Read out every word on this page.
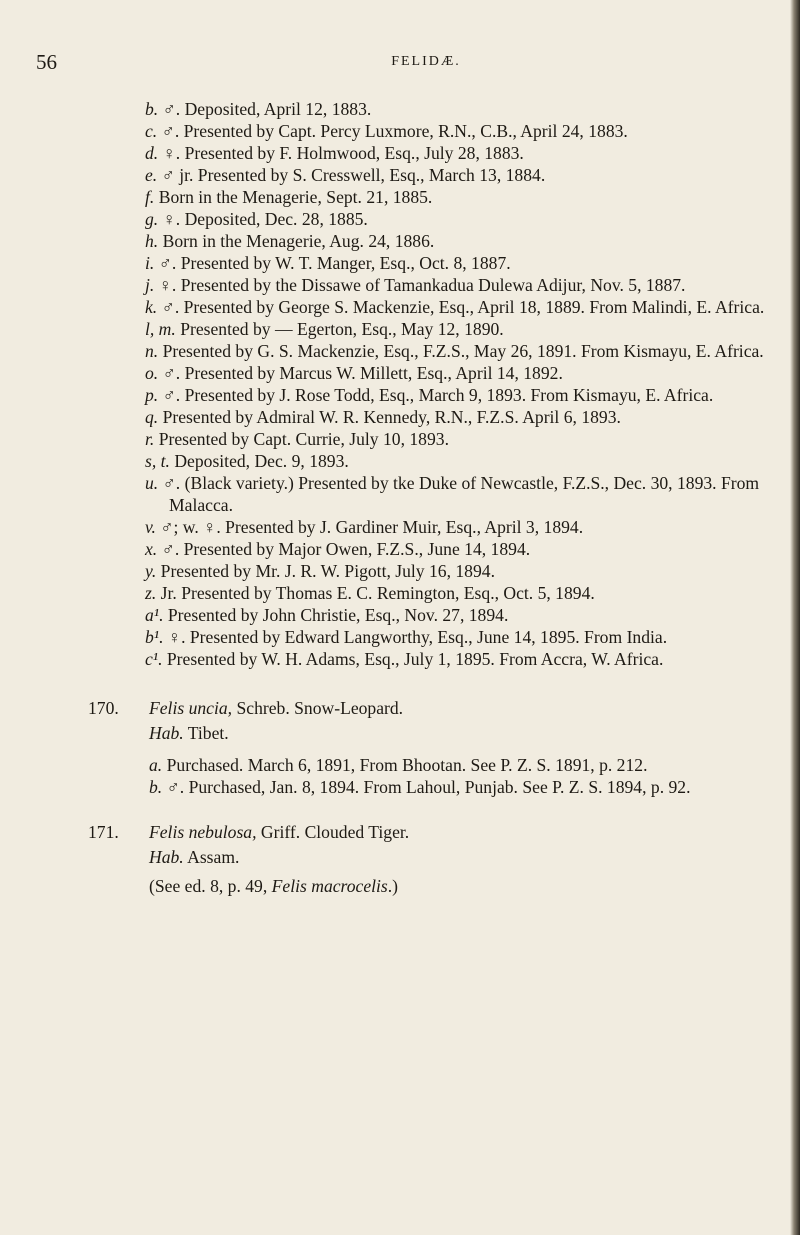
56	FELIDÆ.
b. ♂. Deposited, April 12, 1883.
c. ♂. Presented by Capt. Percy Luxmore, R.N., C.B., April 24, 1883.
d. ♀. Presented by F. Holmwood, Esq., July 28, 1883.
e. ♂ jr. Presented by S. Cresswell, Esq., March 13, 1884.
f. Born in the Menagerie, Sept. 21, 1885.
g. ♀. Deposited, Dec. 28, 1885.
h. Born in the Menagerie, Aug. 24, 1886.
i. ♂. Presented by W. T. Manger, Esq., Oct. 8, 1887.
j. ♀. Presented by the Dissawe of Tamankadua Dulewa Adijur, Nov. 5, 1887.
k. ♂. Presented by George S. Mackenzie, Esq., April 18, 1889. From Malindi, E. Africa.
l, m. Presented by — Egerton, Esq., May 12, 1890.
n. Presented by G. S. Mackenzie, Esq., F.Z.S., May 26, 1891. From Kismayu, E. Africa.
o. ♂. Presented by Marcus W. Millett, Esq., April 14, 1892.
p. ♂. Presented by J. Rose Todd, Esq., March 9, 1893. From Kismayu, E. Africa.
q. Presented by Admiral W. R. Kennedy, R.N., F.Z.S. April 6, 1893.
r. Presented by Capt. Currie, July 10, 1893.
s, t. Deposited, Dec. 9, 1893.
u. ♂. (Black variety.) Presented by tke Duke of Newcastle, F.Z.S., Dec. 30, 1893. From Malacca.
v. ♂; w. ♀. Presented by J. Gardiner Muir, Esq., April 3, 1894.
x. ♂. Presented by Major Owen, F.Z.S., June 14, 1894.
y. Presented by Mr. J. R. W. Pigott, July 16, 1894.
z. Jr. Presented by Thomas E. C. Remington, Esq., Oct. 5, 1894.
a¹. Presented by John Christie, Esq., Nov. 27, 1894.
b¹. ♀. Presented by Edward Langworthy, Esq., June 14, 1895. From India.
c¹. Presented by W. H. Adams, Esq., July 1, 1895. From Accra, W. Africa.
170. Felis uncia, Schreb. Snow-Leopard.
Hab. Tibet.
a. Purchased. March 6, 1891, From Bhootan. See P. Z. S. 1891, p. 212.
b. ♂. Purchased, Jan. 8, 1894. From Lahoul, Punjab. See P. Z. S. 1894, p. 92.
171. Felis nebulosa, Griff. Clouded Tiger.
Hab. Assam.
(See ed. 8, p. 49, Felis macrocelis.)
